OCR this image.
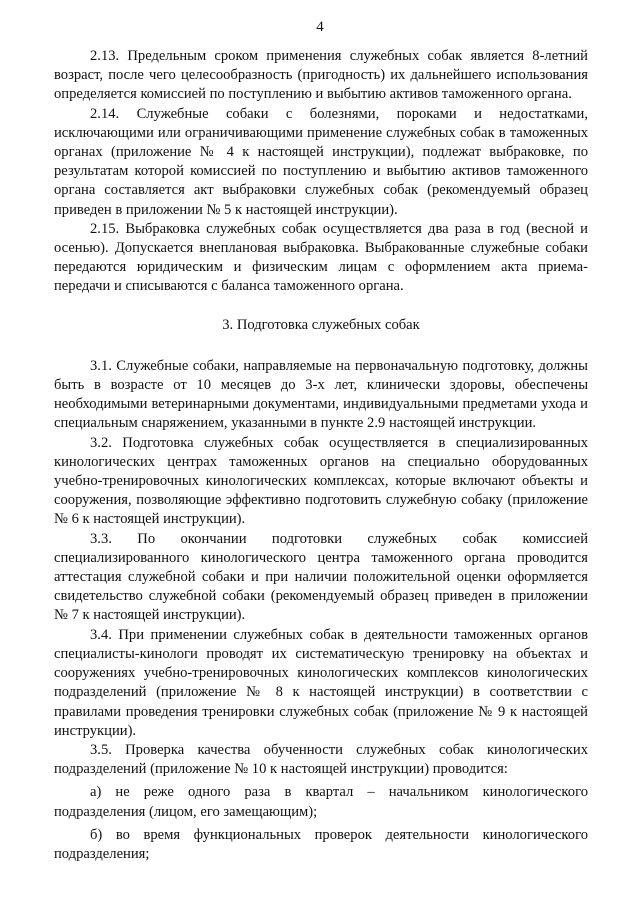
4

2.13. Предельным сроком применения служебных собак является 8-летний возраст, после чего целесообразность (пригодность) их дальнейшего использования определяется комиссией по поступлению и выбытию активов таможенного органа.

2.14. Служебные собаки с болезнями, пороками и недостатками, исключающими или ограничивающими применение служебных собак в таможенных органах (приложение № 4 к настоящей инструкции), подлежат выбраковке, по результатам которой комиссией по поступлению и выбытию активов таможенного органа составляется акт выбраковки служебных собак (рекомендуемый образец приведен в приложении № 5 к настоящей инструкции).

2.15. Выбраковка служебных собак осуществляется два раза в год (весной и осенью). Допускается внеплановая выбраковка. Выбракованные служебные собаки передаются юридическим и физическим лицам с оформлением акта приема-передачи и списываются с баланса таможенного органа.

3. Подготовка служебных собак

3.1. Служебные собаки, направляемые на первоначальную подготовку, должны быть в возрасте от 10 месяцев до 3-х лет, клинически здоровы, обеспечены необходимыми ветеринарными документами, индивидуальными предметами ухода и специальным снаряжением, указанными в пункте 2.9 настоящей инструкции.

3.2. Подготовка служебных собак осуществляется в специализированных кинологических центрах таможенных органов на специально оборудованных учебно-тренировочных кинологических комплексах, которые включают объекты и сооружения, позволяющие эффективно подготовить служебную собаку (приложение № 6 к настоящей инструкции).

3.3. По окончании подготовки служебных собак комиссией специализированного кинологического центра таможенного органа проводится аттестация служебной собаки и при наличии положительной оценки оформляется свидетельство служебной собаки (рекомендуемый образец приведен в приложении № 7 к настоящей инструкции).

3.4. При применении служебных собак в деятельности таможенных органов специалисты-кинологи проводят их систематическую тренировку на объектах и сооружениях учебно-тренировочных кинологических комплексов кинологических подразделений (приложение № 8 к настоящей инструкции) в соответствии с правилами проведения тренировки служебных собак (приложение № 9 к настоящей инструкции).

3.5. Проверка качества обученности служебных собак кинологических подразделений (приложение № 10 к настоящей инструкции) проводится:

а) не реже одного раза в квартал – начальником кинологического подразделения (лицом, его замещающим);

б) во время функциональных проверок деятельности кинологического подразделения;
